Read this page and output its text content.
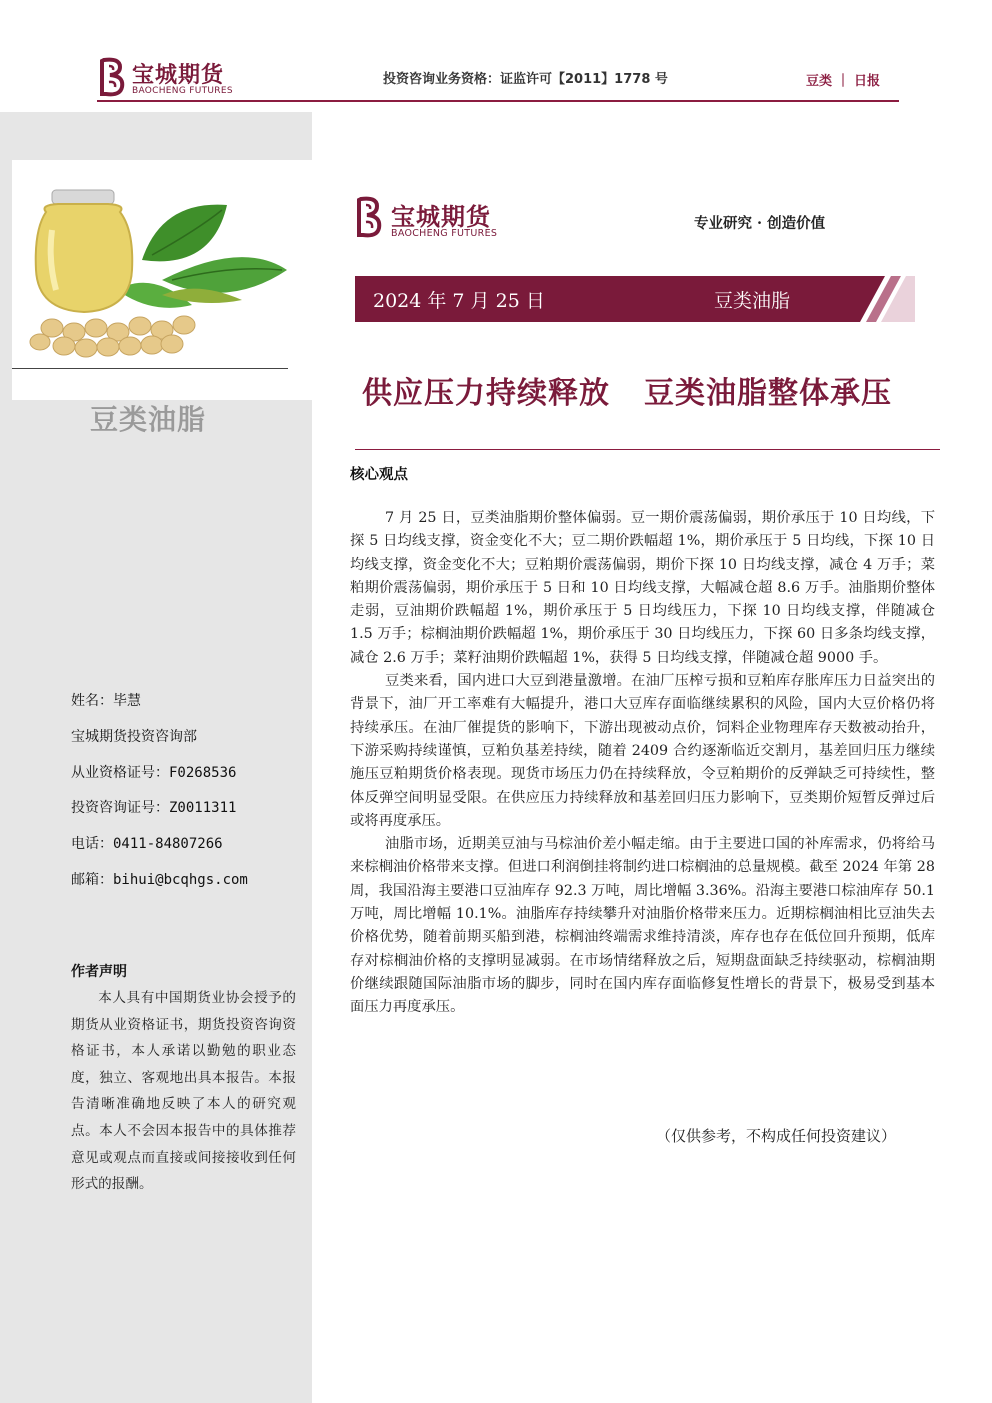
宝城期货
BAOCHENG FUTURES
投资咨询业务资格：证监许可【2011】1778 号	豆类 ｜ 日报
豆类油脂
姓名：毕慧
宝城期货投资咨询部
从业资格证号：F0268536
投资咨询证号：Z0011311
电话：0411-84807266
邮箱：bihui@bcqhgs.com
作者声明
本人具有中国期货业协会授予的期货从业资格证书，期货投资咨询资格证书，本人承诺以勤勉的职业态度，独立、客观地出具本报告。本报告清晰准确地反映了本人的研究观点。本人不会因本报告中的具体推荐意见或观点而直接或间接接收到任何形式的报酬。
宝城期货
BAOCHENG FUTURES
专业研究 · 创造价值
2024 年 7 月 25 日	豆类油脂
供应压力持续释放 豆类油脂整体承压
核心观点

7 月 25 日，豆类油脂期价整体偏弱。豆一期价震荡偏弱，期价承压于 10 日均线，下探 5 日均线支撑，资金变化不大；豆二期价跌幅超 1%，期价承压于 5 日均线，下探 10 日均线支撑，资金变化不大；豆粕期价震荡偏弱，期价下探 10 日均线支撑，减仓 4 万手；菜粕期价震荡偏弱，期价承压于 5 日和 10 日均线支撑，大幅减仓超 8.6 万手。油脂期价整体走弱，豆油期价跌幅超 1%，期价承压于 5 日均线压力，下探 10 日均线支撑，伴随减仓 1.5 万手；棕榈油期价跌幅超 1%，期价承压于 30 日均线压力，下探 60 日多条均线支撑，减仓 2.6 万手；菜籽油期价跌幅超 1%，获得 5 日均线支撑，伴随减仓超 9000 手。

豆类来看，国内进口大豆到港量激增。在油厂压榨亏损和豆粕库存胀库压力日益突出的背景下，油厂开工率难有大幅提升，港口大豆库存面临继续累积的风险，国内大豆价格仍将持续承压。在油厂催提货的影响下，下游出现被动点价，饲料企业物理库存天数被动抬升，下游采购持续谨慎，豆粕负基差持续，随着 2409 合约逐渐临近交割月，基差回归压力继续施压豆粕期货价格表现。现货市场压力仍在持续释放，令豆粕期价的反弹缺乏可持续性，整体反弹空间明显受限。在供应压力持续释放和基差回归压力影响下，豆类期价短暂反弹过后或将再度承压。

油脂市场，近期美豆油与马棕油价差小幅走缩。由于主要进口国的补库需求，仍将给马来棕榈油价格带来支撑。但进口利润倒挂将制约进口棕榈油的总量规模。截至 2024 年第 28 周，我国沿海主要港口豆油库存 92.3 万吨，周比增幅 3.36%。沿海主要港口棕油库存 50.1 万吨，周比增幅 10.1%。油脂库存持续攀升对油脂价格带来压力。近期棕榈油相比豆油失去价格优势，随着前期买船到港，棕榈油终端需求维持清淡，库存也存在低位回升预期，低库存对棕榈油价格的支撑明显减弱。在市场情绪释放之后，短期盘面缺乏持续驱动，棕榈油期价继续跟随国际油脂市场的脚步，同时在国内库存面临修复性增长的背景下，极易受到基本面压力再度承压。

（仅供参考，不构成任何投资建议）
